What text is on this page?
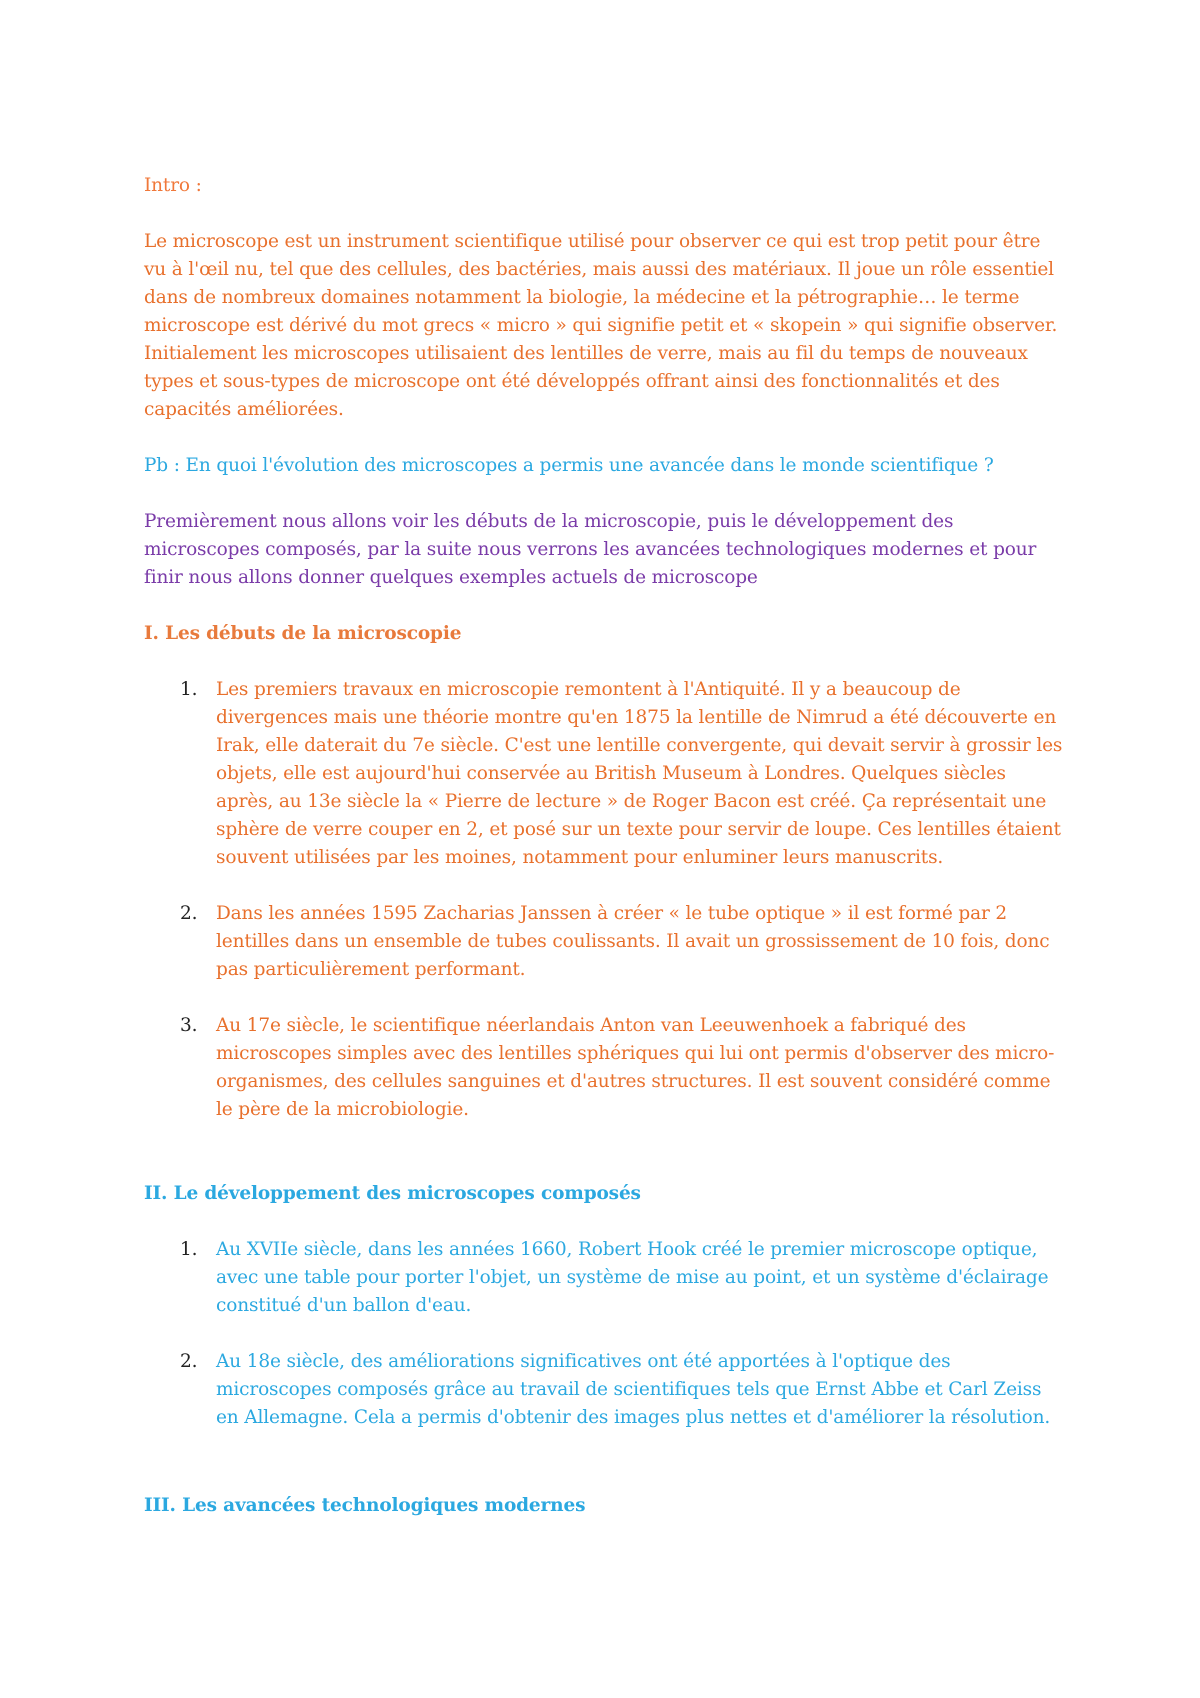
Intro :

Le microscope est un instrument scientifique utilisé pour observer ce qui est trop petit pour être vu à l'œil nu, tel que des cellules, des bactéries, mais aussi des matériaux. Il joue un rôle essentiel dans de nombreux domaines notamment la biologie, la médecine et la pétrographie… le terme microscope est dérivé du mot grecs « micro » qui signifie petit et « skopein » qui signifie observer. Initialement les microscopes utilisaient des lentilles de verre, mais au fil du temps de nouveaux types et sous-types de microscope ont été développés offrant ainsi des fonctionnalités et des capacités améliorées.

Pb : En quoi l'évolution des microscopes a permis une avancée dans le monde scientifique ?

Premièrement nous allons voir les débuts de la microscopie, puis le développement des microscopes composés, par la suite nous verrons les avancées technologiques modernes et pour finir nous allons donner quelques exemples actuels de microscope

I. Les débuts de la microscopie

1. Les premiers travaux en microscopie remontent à l'Antiquité. Il y a beaucoup de divergences mais une théorie montre qu'en 1875 la lentille de Nimrud a été découverte en Irak, elle daterait du 7e siècle. C'est une lentille convergente, qui devait servir à grossir les objets, elle est aujourd'hui conservée au British Museum à Londres. Quelques siècles après, au 13e siècle la « Pierre de lecture » de Roger Bacon est créé. Ça représentait une sphère de verre couper en 2, et posé sur un texte pour servir de loupe. Ces lentilles étaient souvent utilisées par les moines, notamment pour enluminer leurs manuscrits.
2. Dans les années 1595 Zacharias Janssen à créer « le tube optique » il est formé par 2 lentilles dans un ensemble de tubes coulissants. Il avait un grossissement de 10 fois, donc pas particulièrement performant.
3. Au 17e siècle, le scientifique néerlandais Anton van Leeuwenhoek a fabriqué des microscopes simples avec des lentilles sphériques qui lui ont permis d'observer des micro-organismes, des cellules sanguines et d'autres structures. Il est souvent considéré comme le père de la microbiologie.

II. Le développement des microscopes composés

1. Au XVIIe siècle, dans les années 1660, Robert Hook créé le premier microscope optique, avec une table pour porter l'objet, un système de mise au point, et un système d'éclairage constitué d'un ballon d'eau.
2. Au 18e siècle, des améliorations significatives ont été apportées à l'optique des microscopes composés grâce au travail de scientifiques tels que Ernst Abbe et Carl Zeiss en Allemagne. Cela a permis d'obtenir des images plus nettes et d'améliorer la résolution.

III. Les avancées technologiques modernes
